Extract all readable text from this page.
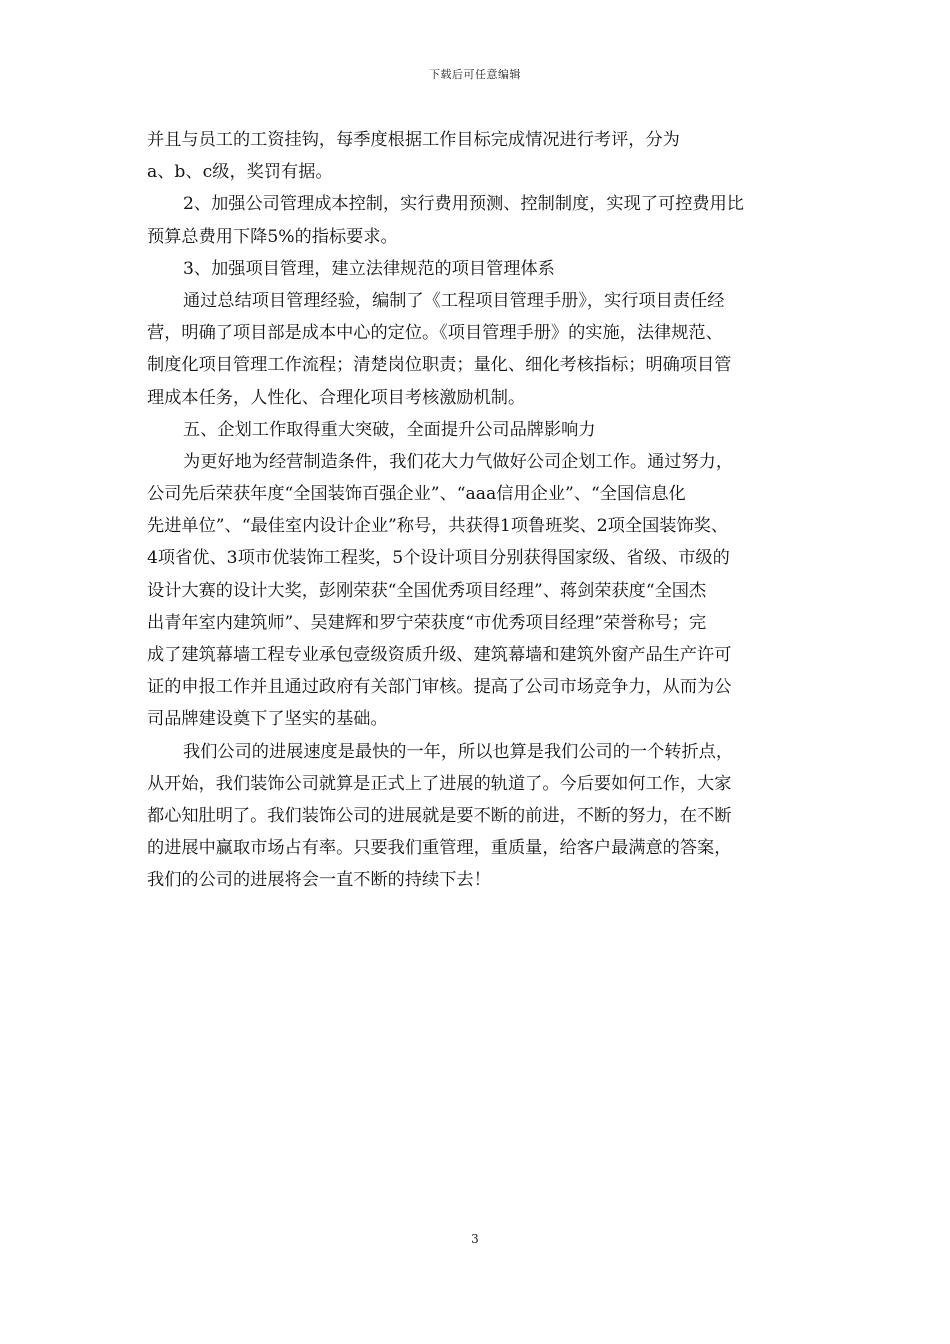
下载后可任意编辑
并且与员工的工资挂钩，每季度根据工作目标完成情况进行考评，分为
a、b、c级，奖罚有据。
2、加强公司管理成本控制，实行费用预测、控制制度，实现了可控费用比
预算总费用下降5%的指标要求。
3、加强项目管理，建立法律规范的项目管理体系
通过总结项目管理经验，编制了《工程项目管理手册》，实行项目责任经
营，明确了项目部是成本中心的定位。《项目管理手册》的实施，法律规范、
制度化项目管理工作流程；清楚岗位职责；量化、细化考核指标；明确项目管
理成本任务，人性化、合理化项目考核激励机制。
五、企划工作取得重大突破，全面提升公司品牌影响力
为更好地为经营制造条件，我们花大力气做好公司企划工作。通过努力，
公司先后荣获年度“全国装饰百强企业”、“aaa信用企业”、“全国信息化
先进单位”、“最佳室内设计企业”称号，共获得1项鲁班奖、2项全国装饰奖、
4项省优、3项市优装饰工程奖，5个设计项目分别获得国家级、省级、市级的
设计大赛的设计大奖，彭刚荣获“全国优秀项目经理”、蒋剑荣获度“全国杰
出青年室内建筑师”、吴建辉和罗宁荣获度“市优秀项目经理”荣誉称号；完
成了建筑幕墙工程专业承包壹级资质升级、建筑幕墙和建筑外窗产品生产许可
证的申报工作并且通过政府有关部门审核。提高了公司市场竞争力，从而为公
司品牌建设奠下了坚实的基础。
我们公司的进展速度是最快的一年，所以也算是我们公司的一个转折点，
从开始，我们装饰公司就算是正式上了进展的轨道了。今后要如何工作，大家
都心知肚明了。我们装饰公司的进展就是要不断的前进，不断的努力，在不断
的进展中赢取市场占有率。只要我们重管理，重质量，给客户最满意的答案，
我们的公司的进展将会一直不断的持续下去！
3
